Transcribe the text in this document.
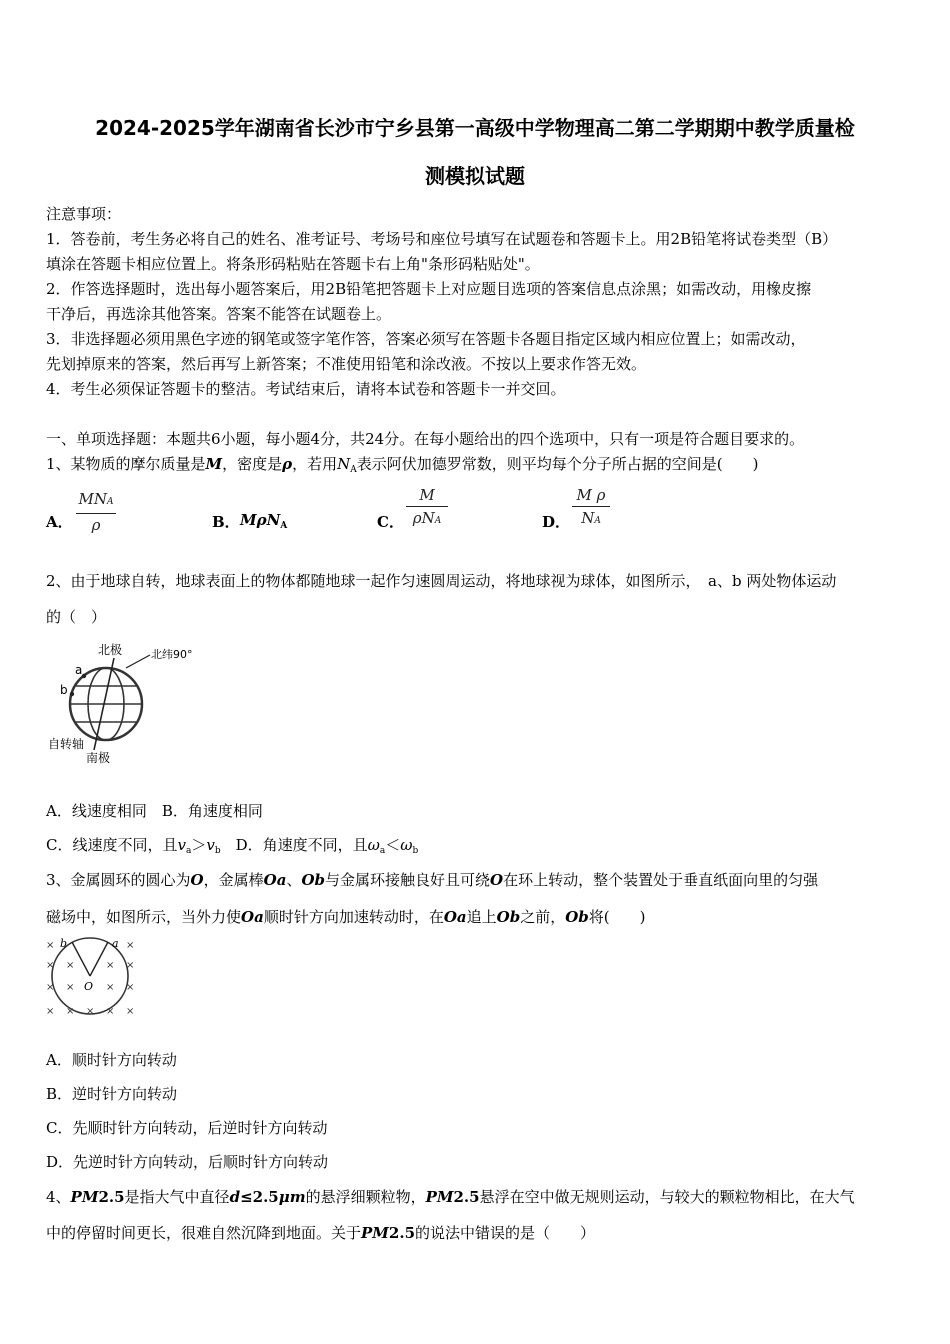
2024-2025学年湖南省长沙市宁乡县第一高级中学物理高二第二学期期中教学质量检
测模拟试题
注意事项：
1．答卷前，考生务必将自己的姓名、准考证号、考场号和座位号填写在试题卷和答题卡上。用2B铅笔将试卷类型（B）
填涂在答题卡相应位置上。将条形码粘贴在答题卡右上角"条形码粘贴处"。
2．作答选择题时，选出每小题答案后，用2B铅笔把答题卡上对应题目选项的答案信息点涂黑；如需改动，用橡皮擦
干净后，再选涂其他答案。答案不能答在试题卷上。
3．非选择题必须用黑色字迹的钢笔或签字笔作答，答案必须写在答题卡各题目指定区域内相应位置上；如需改动，
先划掉原来的答案，然后再写上新答案；不准使用铅笔和涂改液。不按以上要求作答无效。
4．考生必须保证答题卡的整洁。考试结束后，请将本试卷和答题卡一并交回。
一、单项选择题：本题共6小题，每小题4分，共24分。在每小题给出的四个选项中，只有一项是符合题目要求的。
1、某物质的摩尔质量是M，密度是ρ，若用$N_A$表示阿伏加德罗常数，则平均每个分子所占据的空间是(　　)
A．
MNA
ρ	B． MρN$_A$	C．
M
ρNA	D．
M ρ
NA
2、由于地球自转，地球表面上的物体都随地球一起作匀速圆周运动，将地球视为球体，如图所示，　a、b 两处物体运动
的（　）
北极	北纬90°
a
b
自转轴
南极
A．线速度相同　 B．角速度相同
C．线速度不同，且$v_a>v_b$　 D．角速度不同，且$\omega_a<\omega_b$
3、金属圆环的圆心为O，金属棒Oa、Ob与金属环接触良好且可绕O在环上转动，整个装置处于垂直纸面向里的匀强
磁场中，如图所示，当外力使Oa顺时针方向加速转动时，在Oa追上Ob之前，Ob将(　　)
b	a
O
×	×
× ×	× ×
× ×	× ×
× × × × ×
A．顺时针方向转动
B．逆时针方向转动
C．先顺时针方向转动，后逆时针方向转动
D．先逆时针方向转动，后顺时针方向转动
4、PM2.5是指大气中直径d≤2.5μm的悬浮细颗粒物，PM2.5悬浮在空中做无规则运动，与较大的颗粒物相比，在大气
中的停留时间更长，很难自然沉降到地面。关于PM2.5的说法中错误的是（　　）
